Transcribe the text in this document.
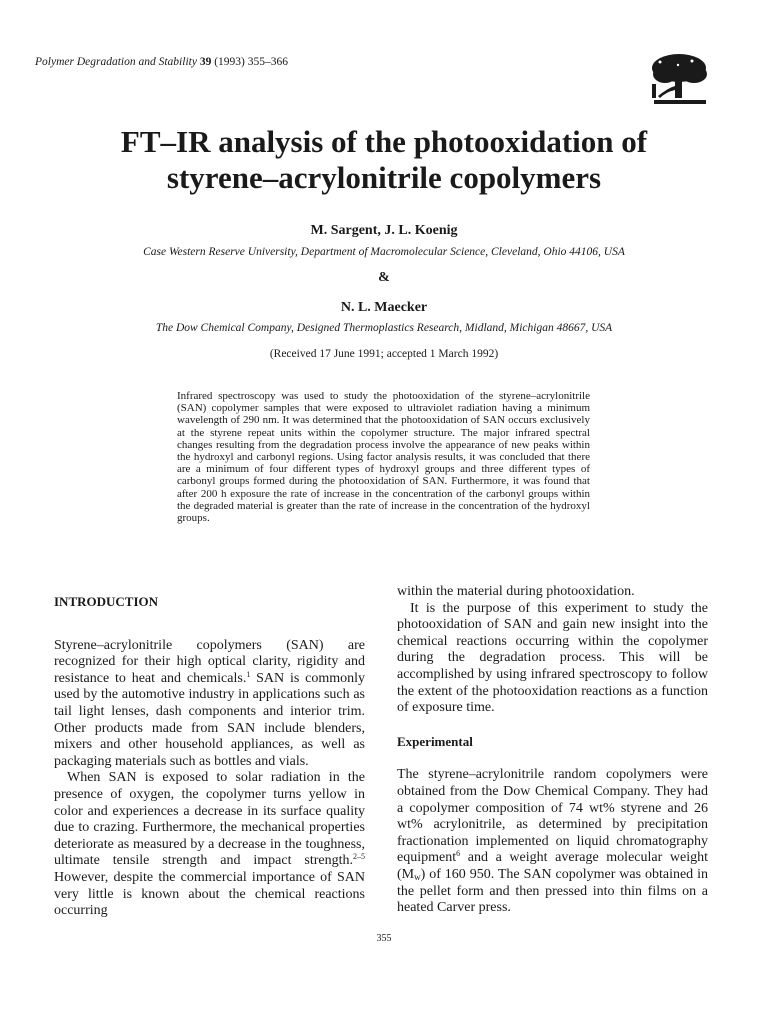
Polymer Degradation and Stability 39 (1993) 355–366
FT–IR analysis of the photooxidation of
styrene–acrylonitrile copolymers
M. Sargent, J. L. Koenig
Case Western Reserve University, Department of Macromolecular Science, Cleveland, Ohio 44106, USA
&
N. L. Maecker
The Dow Chemical Company, Designed Thermoplastics Research, Midland, Michigan 48667, USA
(Received 17 June 1991; accepted 1 March 1992)
Infrared spectroscopy was used to study the photooxidation of the styrene–acrylonitrile (SAN) copolymer samples that were exposed to ultraviolet radiation having a minimum wavelength of 290 nm. It was determined that the photooxidation of SAN occurs exclusively at the styrene repeat units within the copolymer structure. The major infrared spectral changes resulting from the degradation process involve the appearance of new peaks within the hydroxyl and carbonyl regions. Using factor analysis results, it was concluded that there are a minimum of four different types of hydroxyl groups and three different types of carbonyl groups formed during the photooxidation of SAN. Furthermore, it was found that after 200 h exposure the rate of increase in the concentration of the carbonyl groups within the degraded material is greater than the rate of increase in the concentration of the hydroxyl groups.
INTRODUCTION

Styrene–acrylonitrile copolymers (SAN) are recognized for their high optical clarity, rigidity and resistance to heat and chemicals.$^1$ SAN is commonly used by the automotive industry in applications such as tail light lenses, dash components and interior trim. Other products made from SAN include blenders, mixers and other household appliances, as well as packaging materials such as bottles and vials.

When SAN is exposed to solar radiation in the presence of oxygen, the copolymer turns yellow in color and experiences a decrease in its surface quality due to crazing. Furthermore, the mechanical properties deteriorate as measured by a decrease in the toughness, ultimate tensile strength and impact strength.$^{2-5}$ However, despite the commercial importance of SAN very little is known about the chemical reactions occurring

within the material during photooxidation.

It is the purpose of this experiment to study the photooxidation of SAN and gain new insight into the chemical reactions occurring within the copolymer during the degradation process. This will be accomplished by using infrared spectroscopy to follow the extent of the photooxidation reactions as a function of exposure time.

Experimental

The styrene–acrylonitrile random copolymers were obtained from the Dow Chemical Company. They had a copolymer composition of 74 wt% styrene and 26 wt% acrylonitrile, as determined by precipitation fractionation implemented on liquid chromatography equipment$^6$ and a weight average molecular weight $(M_w)$ of 160 950. The SAN copolymer was obtained in the pellet form and then pressed into thin films on a heated Carver press.

355
